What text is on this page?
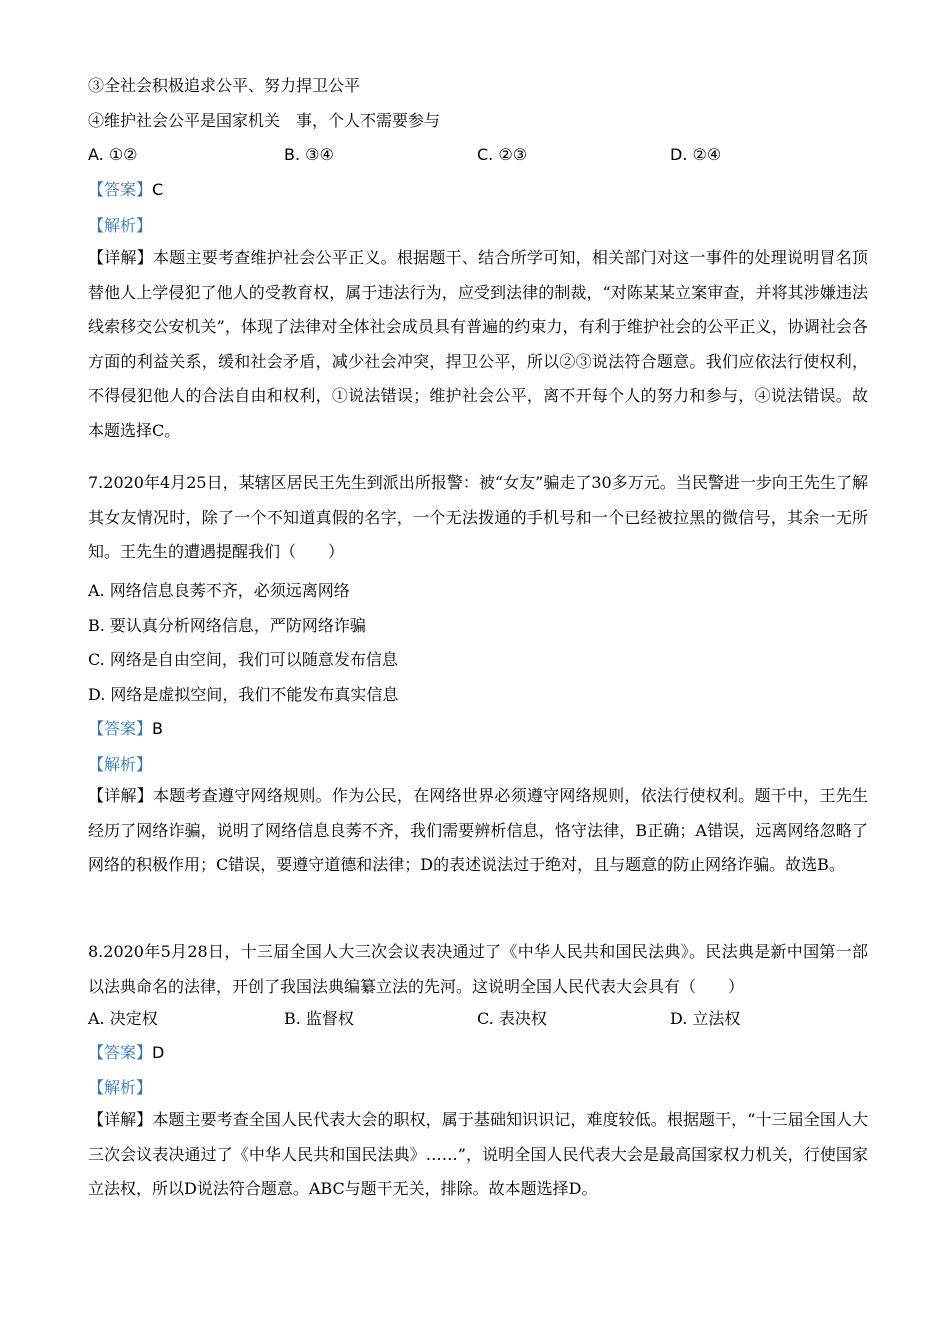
③全社会积极追求公平、努力捍卫公平
④维护社会公平是国家机关　事，个人不需要参与
A. ①②	B. ③④	C. ②③	D. ②④
【答案】C
【解析】
【详解】本题主要考查维护社会公平正义。根据题干、结合所学可知，相关部门对这一事件的处理说明冒名顶替他人上学侵犯了他人的受教育权，属于违法行为，应受到法律的制裁，“对陈某某立案审查，并将其涉嫌违法线索移交公安机关”，体现了法律对全体社会成员具有普遍的约束力，有利于维护社会的公平正义，协调社会各方面的利益关系，缓和社会矛盾，减少社会冲突，捍卫公平，所以②③说法符合题意。我们应依法行使权利，不得侵犯他人的合法自由和权利，①说法错误；维护社会公平，离不开每个人的努力和参与，④说法错误。故本题选择C。
7.2020年4月25日，某辖区居民王先生到派出所报警：被“女友”骗走了30多万元。当民警进一步向王先生了解其女友情况时，除了一个不知道真假的名字，一个无法拨通的手机号和一个已经被拉黑的微信号，其余一无所知。王先生的遭遇提醒我们（　　）
A. 网络信息良莠不齐，必须远离网络
B. 要认真分析网络信息，严防网络诈骗
C. 网络是自由空间，我们可以随意发布信息
D. 网络是虚拟空间，我们不能发布真实信息
【答案】B
【解析】
【详解】本题考查遵守网络规则。作为公民，在网络世界必须遵守网络规则，依法行使权利。题干中，王先生经历了网络诈骗，说明了网络信息良莠不齐，我们需要辨析信息，恪守法律，B正确；A错误，远离网络忽略了网络的积极作用；C错误，要遵守道德和法律；D的表述说法过于绝对，且与题意的防止网络诈骗。故选B。
8.2020年5月28日，十三届全国人大三次会议表决通过了《中华人民共和国民法典》。民法典是新中国第一部以法典命名的法律，开创了我国法典编纂立法的先河。这说明全国人民代表大会具有（　　）
A. 决定权	B. 监督权	C. 表决权	D. 立法权
【答案】D
【解析】
【详解】本题主要考查全国人民代表大会的职权，属于基础知识识记，难度较低。根据题干，“十三届全国人大三次会议表决通过了《中华人民共和国民法典》……”，说明全国人民代表大会是最高国家权力机关，行使国家立法权，所以D说法符合题意。ABC与题干无关，排除。故本题选择D。
